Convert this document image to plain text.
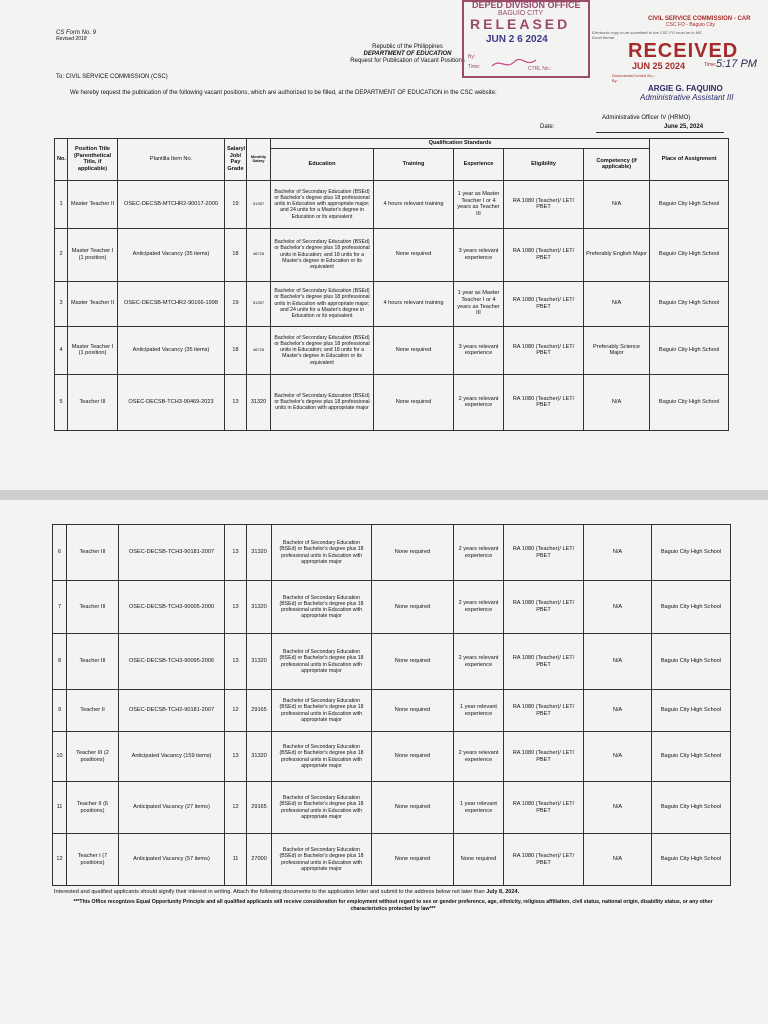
CS Form No. 9
Revised 2018
Republic of the Philippines
DEPARTMENT OF EDUCATION
Request for Publication of Vacant Positions
To: CIVIL SERVICE COMMISSION (CSC)
We hereby request the publication of the following vacant positions, which are authorized to be filled, at the DEPARTMENT OF EDUCATION in the CSC website:
DEPED DIVISION OFFICE
BAGUIO CITY
RELEASED
JUN 2 6 2024
By:
Time:	CTRL No.:
CIVIL SERVICE COMMISSION - CAR
CSC FO - Baguio City
Electronic copy to be submitted to the CSC FO must be in MS Excel format
RECEIVED
JUN 25 2024	Time: 5:17 PM
Documents/Control No.:
By:
ARGIE G. FAQUINO
Administrative Assistant III
Administrative Officer IV (HRMO)
Date:	June 25, 2024
No.	Position Title (Parenthetical Title, if applicable)	Plantilla Item No.	Salary/ Job/ Pay Grade	Monthly Salary	Qualification Standards					Place of Assignment
					Education	Training	Experience	Eligibility	Competency (if applicable)	
1	Master Teacher II	OSEC-DECSB-MTCHR2-90017-2000	19	51357	Bachelor of Secondary Education (BSEd) or Bachelor's degree plus 18 professional units in Education with appropriate major; and 24 units for a Master's degree in Education or its equivalent	4 hours relevant training	1 year as Master Teacher I or 4 years as Teacher III	RA 1080 (Teacher)/ LET/ PBET	N/A	Baguio City High School
2	Master Teacher I (1 position)	Anticipated Vacancy (35 items)	18	46725	Bachelor of Secondary Education (BSEd) or Bachelor's degree plus 18 professional units in Education; and 18 units for a Master's degree in Education or its equivalent	None required	3 years relevant experience	RA 1080 (Teacher)/ LET/ PBET	Preferably English Major	Baguio City High School
3	Master Teacher II	OSEC-DECSB-MTCHR2-90166-1998	19	51357	Bachelor of Secondary Education (BSEd) or Bachelor's degree plus 18 professional units in Education with appropriate major; and 24 units for a Master's degree in Education or its equivalent	4 hours relevant training	1 year as Master Teacher I or 4 years as Teacher III	RA 1080 (Teacher)/ LET/ PBET	N/A	Baguio City High School
4	Master Teacher I (1 position)	Anticipated Vacancy (35 items)	18	46725	Bachelor of Secondary Education (BSEd) or Bachelor's degree plus 18 professional units in Education; and 18 units for a Master's degree in Education or its equivalent	None required	3 years relevant experience	RA 1080 (Teacher)/ LET/ PBET	Preferably Science Major	Baguio City High School
5	Teacher III	OSEC-DECSB-TCH3-90469-2023	13	31320	Bachelor of Secondary Education (BSEd) or Bachelor's degree plus 18 professional units in Education with appropriate major	None required	2 years relevant experience	RA 1080 (Teacher)/ LET/ PBET	N/A	Baguio City High School
6	Teacher III	OSEC-DECSB-TCH3-90181-2007	13	31320	Bachelor of Secondary Education (BSEd) or Bachelor's degree plus 18 professional units in Education with appropriate major	None required	2 years relevant experience	RA 1080 (Teacher)/ LET/ PBET	N/A	Baguio City High School
7	Teacher III	OSEC-DECSB-TCH3-90005-2000	13	31320	Bachelor of Secondary Education (BSEd) or Bachelor's degree plus 18 professional units in Education with appropriate major	None required	2 years relevant experience	RA 1080 (Teacher)/ LET/ PBET	N/A	Baguio City High School
8	Teacher III	OSEC-DECSB-TCH3-90095-2006	13	31320	Bachelor of Secondary Education (BSEd) or Bachelor's degree plus 18 professional units in Education with appropriate major	None required	2 years relevant experience	RA 1080 (Teacher)/ LET/ PBET	N/A	Baguio City High School
9	Teacher II	OSEC-DECSB-TCH2-90181-2007	12	29165	Bachelor of Secondary Education (BSEd) or Bachelor's degree plus 18 professional units in Education with appropriate major	None required	1 year relevant experience	RA 1080 (Teacher)/ LET/ PBET	N/A	Baguio City High School
10	Teacher III (2 positions)	Anticipated Vacancy (159 items)	13	31320	Bachelor of Secondary Education (BSEd) or Bachelor's degree plus 18 professional units in Education with appropriate major	None required	2 years relevant experience	RA 1080 (Teacher)/ LET/ PBET	N/A	Baguio City High School
11	Teacher II (6 positions)	Anticipated Vacancy (27 items)	12	29165	Bachelor of Secondary Education (BSEd) or Bachelor's degree plus 18 professional units in Education with appropriate major	None required	1 year relevant experience	RA 1080 (Teacher)/ LET/ PBET	N/A	Baguio City High School
12	Teacher I (7 positions)	Anticipated Vacancy (57 items)	11	27000	Bachelor of Secondary Education (BSEd) or Bachelor's degree plus 18 professional units in Education with appropriate major	None required	None required	RA 1080 (Teacher)/ LET/ PBET	N/A	Baguio City High School
Interested and qualified applicants should signify their interest in writing. Attach the following documents to the application letter and submit to the address below not later than July 8, 2024.
***This Office recognizes Equal Opportunity Principle and all qualified applicants will receive consideration for employment without regard to sex or gender preference, age, ethnicity, religious affiliation, civil status, national origin, disability status, or any other characteristics protected by law***
